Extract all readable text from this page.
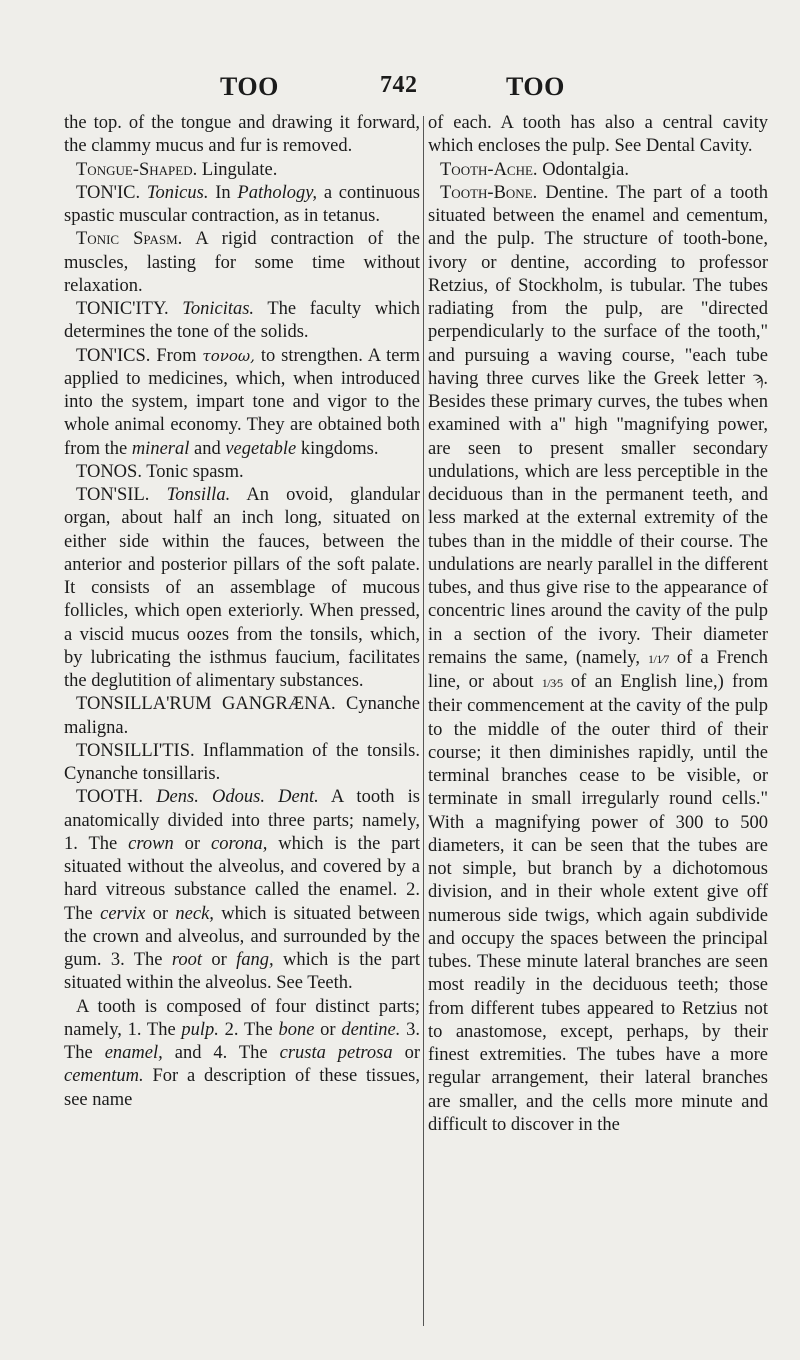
TOO	742	TOO

the top. of the tongue and drawing it forward, the clammy mucus and fur is removed.

Tongue-Shaped. Lingulate.

TON'IC. Tonicus. In Pathology, a continuous spastic muscular contraction, as in tetanus.

Tonic Spasm. A rigid contraction of the muscles, lasting for some time without relaxation.

TONIC'ITY. Tonicitas. The faculty which determines the tone of the solids.

TON'ICS. From τονοω, to strengthen. A term applied to medicines, which, when introduced into the system, impart tone and vigor to the whole animal economy. They are obtained both from the mineral and vegetable kingdoms.

TONOS. Tonic spasm.

TON'SIL. Tonsilla. An ovoid, glandular organ, about half an inch long, situated on either side within the fauces, between the anterior and posterior pillars of the soft palate. It consists of an assemblage of mucous follicles, which open exteriorly. When pressed, a viscid mucus oozes from the tonsils, which, by lubricating the isthmus faucium, facilitates the deglutition of alimentary substances.

TONSILLA'RUM GANGRÆNA. Cynanche maligna.

TONSILLI'TIS. Inflammation of the tonsils. Cynanche tonsillaris.

TOOTH. Dens. Odous. Dent. A tooth is anatomically divided into three parts; namely, 1. The crown or corona, which is the part situated without the alveolus, and covered by a hard vitreous substance called the enamel. 2. The cervix or neck, which is situated between the crown and alveolus, and surrounded by the gum. 3. The root or fang, which is the part situated within the alveolus. See Teeth.

A tooth is composed of four distinct parts; namely, 1. The pulp. 2. The bone or dentine. 3. The enamel, and 4. The crusta petrosa or cementum. For a description of these tissues, see name

of each. A tooth has also a central cavity which encloses the pulp. See Dental Cavity.

Tooth-Ache. Odontalgia.

Tooth-Bone. Dentine. The part of a tooth situated between the enamel and cementum, and the pulp. The structure of tooth-bone, ivory or dentine, according to professor Retzius, of Stockholm, is tubular. The tubes radiating from the pulp, are "directed perpendicularly to the surface of the tooth," and pursuing a waving course, "each tube having three curves like the Greek letter ϡ. Besides these primary curves, the tubes when examined with a" high "magnifying power, are seen to present smaller secondary undulations, which are less perceptible in the deciduous than in the permanent teeth, and less marked at the external extremity of the tubes than in the middle of their course. The undulations are nearly parallel in the different tubes, and thus give rise to the appearance of concentric lines around the cavity of the pulp in a section of the ivory. Their diameter remains the same, (namely, 1/1⁄7 of a French line, or about 1/3⁄5 of an English line,) from their commencement at the cavity of the pulp to the middle of the outer third of their course; it then diminishes rapidly, until the terminal branches cease to be visible, or terminate in small irregularly round cells." With a magnifying power of 300 to 500 diameters, it can be seen that the tubes are not simple, but branch by a dichotomous division, and in their whole extent give off numerous side twigs, which again subdivide and occupy the spaces between the principal tubes. These minute lateral branches are seen most readily in the deciduous teeth; those from different tubes appeared to Retzius not to anastomose, except, perhaps, by their finest extremities. The tubes have a more regular arrangement, their lateral branches are smaller, and the cells more minute and difficult to discover in the
